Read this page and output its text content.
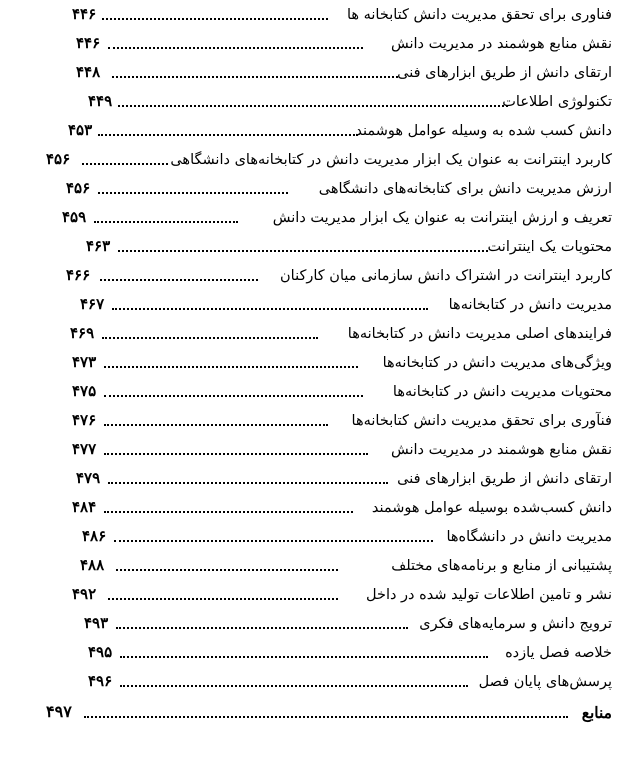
فناوری برای تحقق مدیریت دانش کتابخانه ها
۴۴۶
نقش منابع هوشمند در مدیریت دانش
۴۴۶
ارتقای دانش از طریق ابزارهای فنی
۴۴۸
تکنولوژی اطلاعات
۴۴۹
دانش کسب شده به وسیله عوامل هوشمند
۴۵۳
کاربرد اینترانت به عنوان یک ابزار مدیریت دانش در کتابخانه‌های دانشگاهی
۴۵۶
ارزش مدیریت دانش برای کتابخانه‌های دانشگاهی
۴۵۶
تعریف و ارزش اینترانت به عنوان یک ابزار مدیریت دانش
۴۵۹
محتویات یک اینترانت
۴۶۳
کاربرد اینترانت در اشتراک دانش سازمانی میان کارکنان
۴۶۶
مدیریت دانش در کتابخانه‌ها
۴۶۷
فرایندهای اصلی مدیریت دانش در کتابخانه‌ها
۴۶۹
ویژگی‌های مدیریت دانش در کتابخانه‌ها
۴۷۳
محتویات مدیریت دانش در کتابخانه‌ها
۴۷۵
فنآوری برای تحقق مدیریت دانش کتابخانه‌ها
۴۷۶
نقش منابع هوشمند در مدیریت دانش
۴۷۷
ارتقای دانش از طریق ابزارهای فنی
۴۷۹
دانش کسب‌شده بوسیله عوامل هوشمند
۴۸۴
مدیریت دانش در دانشگاه‌ها
۴۸۶
پشتیبانی از منابع و برنامه‌های مختلف
۴۸۸
نشر و تامین اطلاعات تولید شده در داخل
۴۹۲
ترویج دانش و سرمایه‌های فکری
۴۹۳
خلاصه فصل یازده
۴۹۵
پرسش‌های پایان فصل
۴۹۶
منابع
۴۹۷
